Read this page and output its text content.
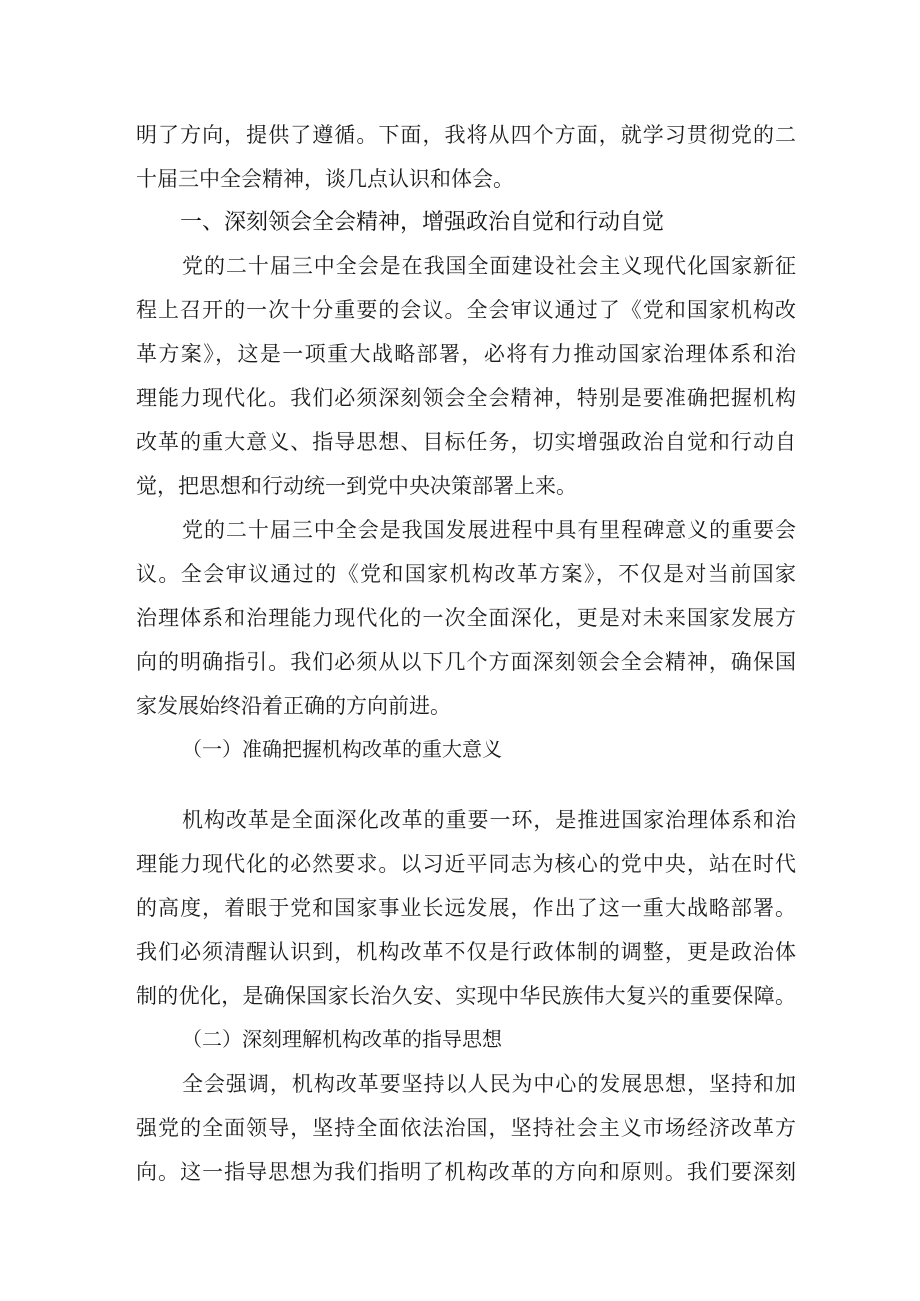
明了方向，提供了遵循。下面，我将从四个方面，就学习贯彻党的二
十届三中全会精神，谈几点认识和体会。
一、深刻领会全会精神，增强政治自觉和行动自觉
党的二十届三中全会是在我国全面建设社会主义现代化国家新征
程上召开的一次十分重要的会议。全会审议通过了《党和国家机构改
革方案》，这是一项重大战略部署，必将有力推动国家治理体系和治
理能力现代化。我们必须深刻领会全会精神，特别是要准确把握机构
改革的重大意义、指导思想、目标任务，切实增强政治自觉和行动自
觉，把思想和行动统一到党中央决策部署上来。
党的二十届三中全会是我国发展进程中具有里程碑意义的重要会
议。全会审议通过的《党和国家机构改革方案》，不仅是对当前国家
治理体系和治理能力现代化的一次全面深化，更是对未来国家发展方
向的明确指引。我们必须从以下几个方面深刻领会全会精神，确保国
家发展始终沿着正确的方向前进。
（一）准确把握机构改革的重大意义
机构改革是全面深化改革的重要一环，是推进国家治理体系和治
理能力现代化的必然要求。以习近平同志为核心的党中央，站在时代
的高度，着眼于党和国家事业长远发展，作出了这一重大战略部署。
我们必须清醒认识到，机构改革不仅是行政体制的调整，更是政治体
制的优化，是确保国家长治久安、实现中华民族伟大复兴的重要保障。
（二）深刻理解机构改革的指导思想
全会强调，机构改革要坚持以人民为中心的发展思想，坚持和加
强党的全面领导，坚持全面依法治国，坚持社会主义市场经济改革方
向。这一指导思想为我们指明了机构改革的方向和原则。我们要深刻
